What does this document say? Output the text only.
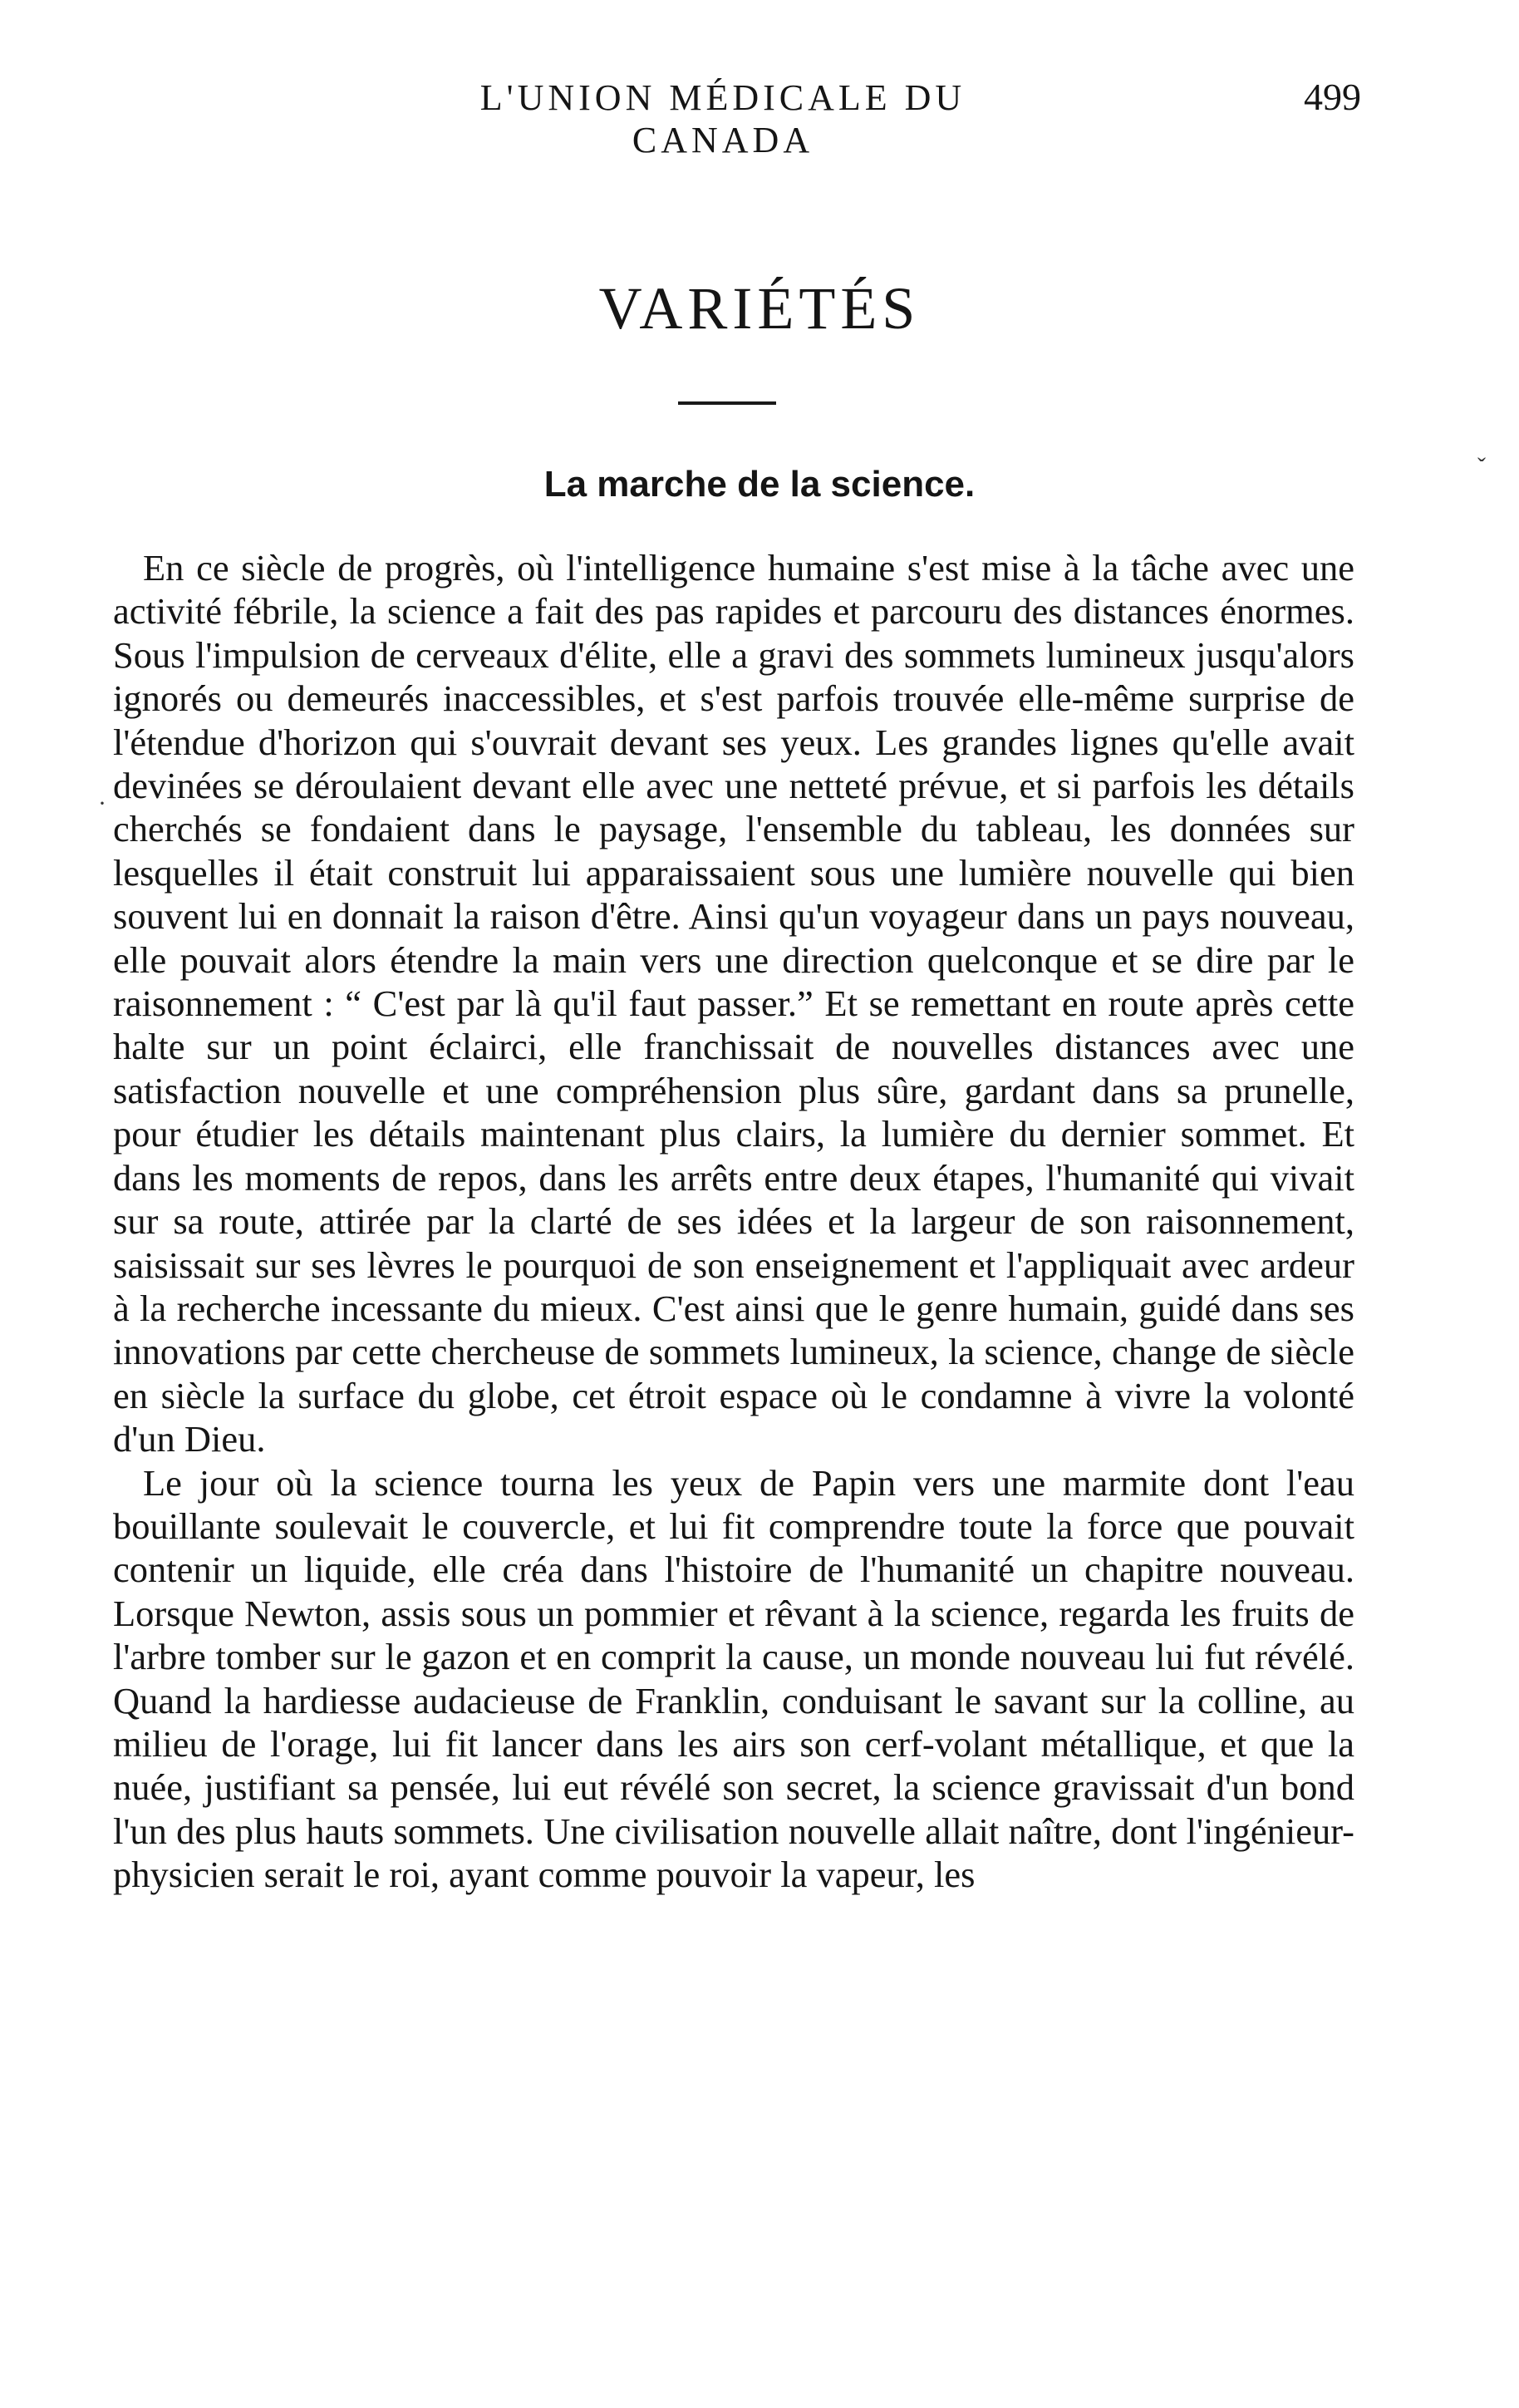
L'UNION MÉDICALE DU CANADA
499
VARIÉTÉS
La marche de la science.

En ce siècle de progrès, où l'intelligence humaine s'est mise à la tâche avec une activité fébrile, la science a fait des pas rapides et parcouru des distances énormes. Sous l'impulsion de cerveaux d'élite, elle a gravi des sommets lumineux jusqu'alors ignorés ou demeurés inaccessibles, et s'est parfois trouvée elle-même surprise de l'étendue d'horizon qui s'ouvrait devant ses yeux. Les grandes lignes qu'elle avait devinées se déroulaient devant elle avec une netteté prévue, et si parfois les détails cherchés se fondaient dans le paysage, l'ensemble du tableau, les données sur lesquelles il était construit lui apparaissaient sous une lumière nouvelle qui bien souvent lui en donnait la raison d'être. Ainsi qu'un voyageur dans un pays nouveau, elle pouvait alors étendre la main vers une direction quelconque et se dire par le raisonnement : “ C'est par là qu'il faut passer.” Et se remettant en route après cette halte sur un point éclairci, elle franchissait de nouvelles distances avec une satisfaction nouvelle et une compréhension plus sûre, gardant dans sa prunelle, pour étudier les détails maintenant plus clairs, la lumière du dernier sommet. Et dans les moments de repos, dans les arrêts entre deux étapes, l'humanité qui vivait sur sa route, attirée par la clarté de ses idées et la largeur de son raisonnement, saisissait sur ses lèvres le pourquoi de son enseignement et l'appliquait avec ardeur à la recherche incessante du mieux. C'est ainsi que le genre humain, guidé dans ses innovations par cette chercheuse de sommets lumineux, la science, change de siècle en siècle la surface du globe, cet étroit espace où le condamne à vivre la volonté d'un Dieu.

Le jour où la science tourna les yeux de Papin vers une marmite dont l'eau bouillante soulevait le couvercle, et lui fit comprendre toute la force que pouvait contenir un liquide, elle créa dans l'histoire de l'humanité un chapitre nouveau. Lorsque Newton, assis sous un pommier et rêvant à la science, regarda les fruits de l'arbre tomber sur le gazon et en comprit la cause, un monde nouveau lui fut révélé. Quand la hardiesse audacieuse de Franklin, conduisant le savant sur la colline, au milieu de l'orage, lui fit lancer dans les airs son cerf-volant métallique, et que la nuée, justifiant sa pensée, lui eut révélé son secret, la science gravissait d'un bond l'un des plus hauts sommets. Une civilisation nouvelle allait naître, dont l'ingénieur-physicien serait le roi, ayant comme pouvoir la vapeur, les

ˇ
·
